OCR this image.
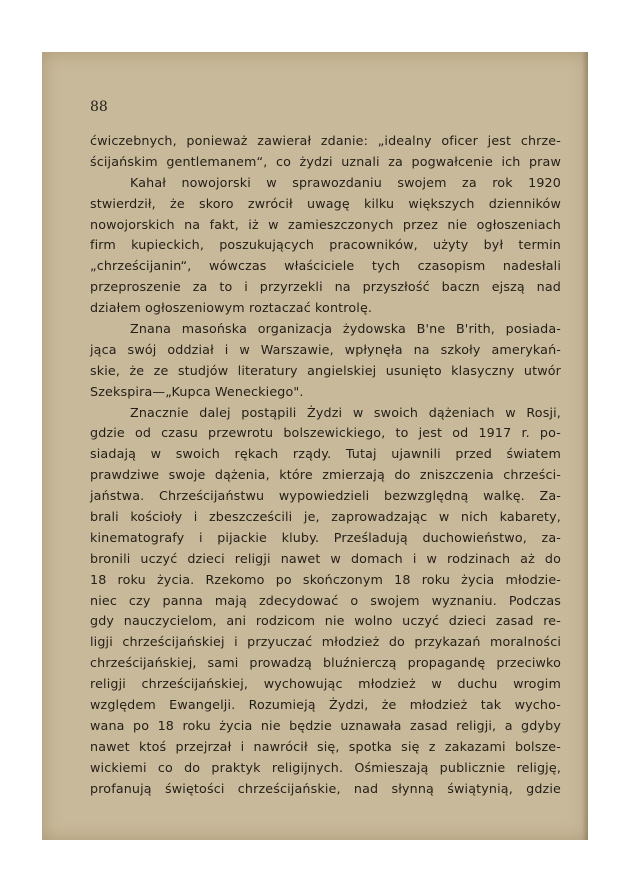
88
ćwiczebnych, ponieważ zawierał zdanie: „idealny oficer jest chrze-
ścijańskim gentlemanem“, co żydzi uznali za pogwałcenie ich praw
Kahał nowojorski w sprawozdaniu swojem za rok 1920
stwierdził, że skoro zwrócił uwagę kilku większych dzienników
nowojorskich na fakt, iż w zamieszczonych przez nie ogłoszeniach
firm kupieckich, poszukujących pracowników, użyty był termin
„chrześcijanin“, wówczas właściciele tych czasopism nadesłali
przeproszenie za to i przyrzekli na przyszłość baczn ejszą nad
działem ogłoszeniowym roztaczać kontrolę.
Znana masońska organizacja żydowska B'ne B'rith, posiada-
jąca swój oddział i w Warszawie, wpłynęła na szkoły amerykań-
skie, że ze studjów literatury angielskiej usunięto klasyczny utwór
Szekspira—„Kupca Weneckiego".
Znacznie dalej postąpili Żydzi w swoich dążeniach w Rosji,
gdzie od czasu przewrotu bolszewickiego, to jest od 1917 r. po-
siadają w swoich rękach rządy. Tutaj ujawnili przed światem
prawdziwe swoje dążenia, które zmierzają do zniszczenia chrześci-
jaństwa. Chrześcijaństwu wypowiedzieli bezwzględną walkę. Za-
brali kościoły i zbeszcześcili je, zaprowadzając w nich kabarety,
kinematografy i pijackie kluby. Prześladują duchowieństwo, za-
bronili uczyć dzieci religji nawet w domach i w rodzinach aż do
18 roku życia. Rzekomo po skończonym 18 roku życia młodzie-
niec czy panna mają zdecydować o swojem wyznaniu. Podczas
gdy nauczycielom, ani rodzicom nie wolno uczyć dzieci zasad re-
ligji chrześcijańskiej i przyuczać młodzież do przykazań moralności
chrześcijańskiej, sami prowadzą bluźnierczą propagandę przeciwko
religji chrześcijańskiej, wychowując młodzież w duchu wrogim
względem Ewangelji. Rozumieją Żydzi, że młodzież tak wycho-
wana po 18 roku życia nie będzie uznawała zasad religji, a gdyby
nawet ktoś przejrzał i nawrócił się, spotka się z zakazami bolsze-
wickiemi co do praktyk religijnych. Ośmieszają publicznie religję,
profanują świętości chrześcijańskie, nad słynną świątynią, gdzie
